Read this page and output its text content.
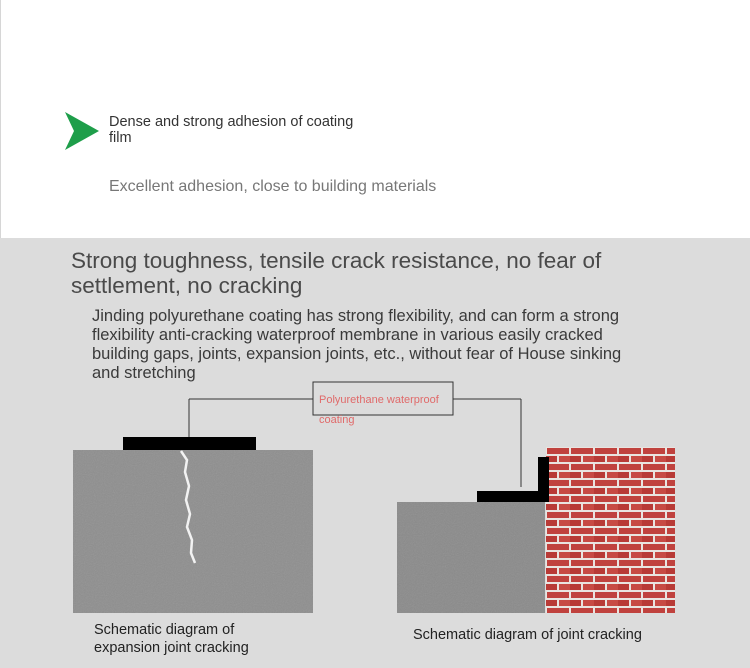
Dense and strong adhesion of coating film
Excellent adhesion, close to building materials
Strong toughness, tensile crack resistance, no fear of settlement, no cracking
Jinding polyurethane coating has strong flexibility, and can form a strong flexibility anti-cracking waterproof membrane in various easily cracked building gaps, joints, expansion joints, etc., without fear of House sinking and stretching
Polyurethane waterproof coating
Schematic diagram of expansion joint cracking
Schematic diagram of joint cracking
